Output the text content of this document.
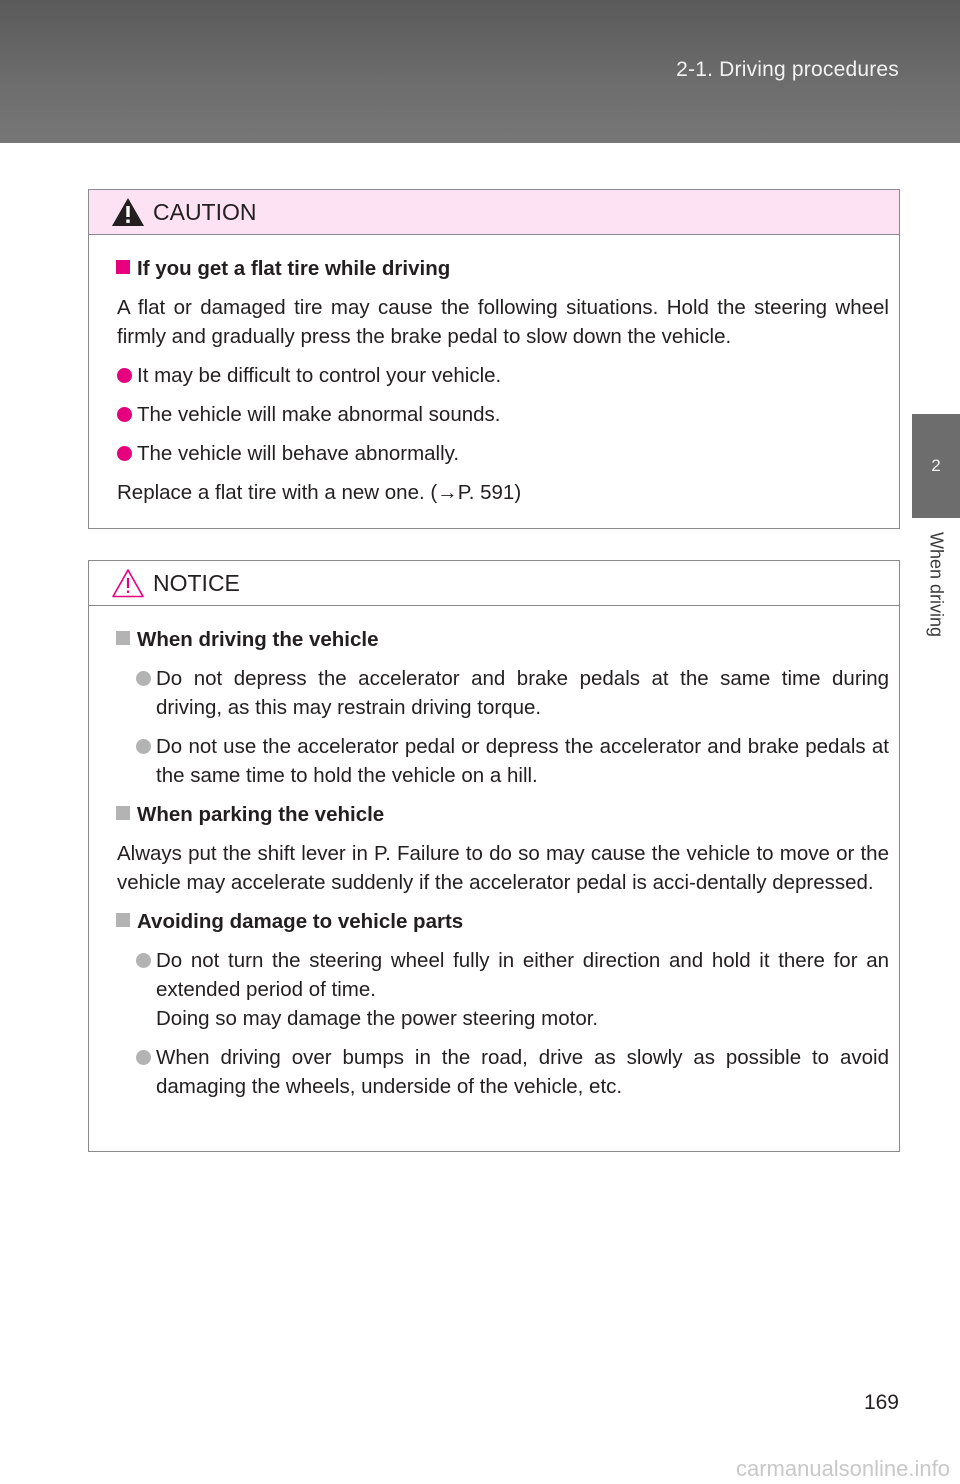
2-1. Driving procedures
2
When driving
CAUTION
If you get a flat tire while driving
A flat or damaged tire may cause the following situations. Hold the steering wheel firmly and gradually press the brake pedal to slow down the vehicle.
It may be difficult to control your vehicle.
The vehicle will make abnormal sounds.
The vehicle will behave abnormally.
Replace a flat tire with a new one. (→P. 591)
NOTICE
When driving the vehicle
Do not depress the accelerator and brake pedals at the same time during driving, as this may restrain driving torque.
Do not use the accelerator pedal or depress the accelerator and brake pedals at the same time to hold the vehicle on a hill.
When parking the vehicle
Always put the shift lever in P. Failure to do so may cause the vehicle to move or the vehicle may accelerate suddenly if the accelerator pedal is acci-dentally depressed.
Avoiding damage to vehicle parts
Do not turn the steering wheel fully in either direction and hold it there for an extended period of time.
Doing so may damage the power steering motor.
When driving over bumps in the road, drive as slowly as possible to avoid damaging the wheels, underside of the vehicle, etc.
169
carmanualsonline.info
